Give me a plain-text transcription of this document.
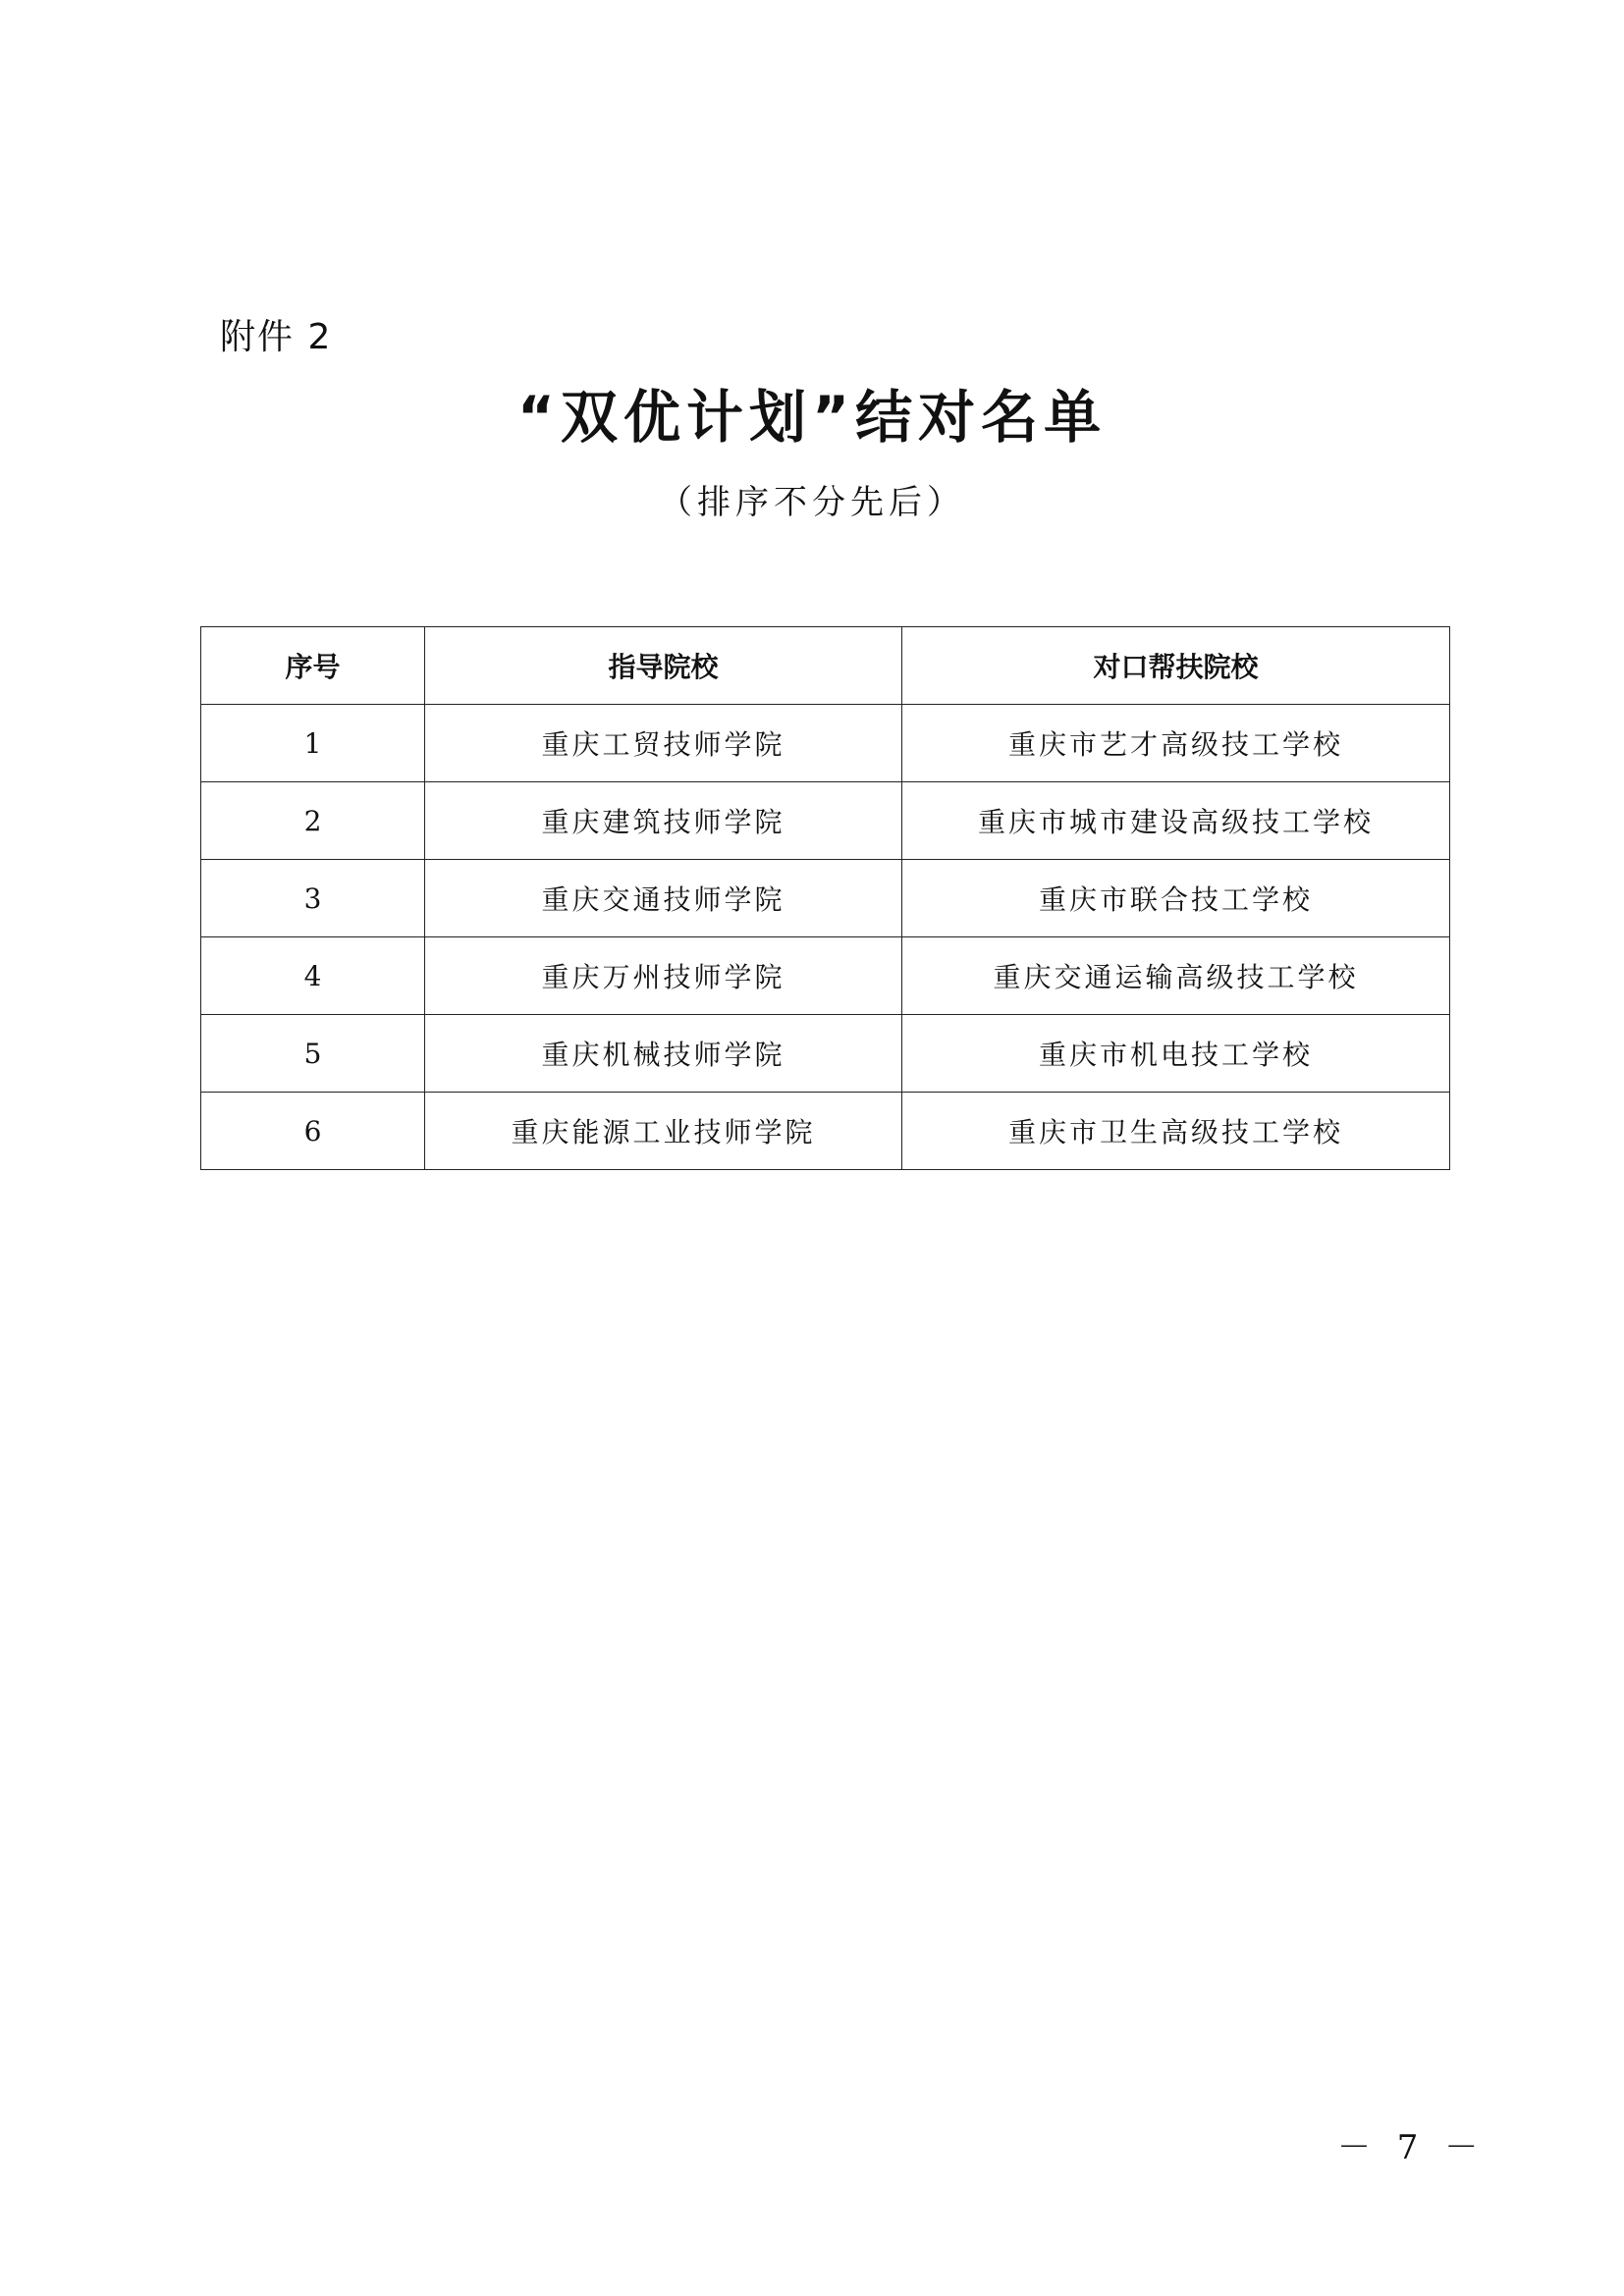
附件 2
“双优计划”结对名单
（排序不分先后）
序号	指导院校	对口帮扶院校
1	重庆工贸技师学院	重庆市艺才高级技工学校
2	重庆建筑技师学院	重庆市城市建设高级技工学校
3	重庆交通技师学院	重庆市联合技工学校
4	重庆万州技师学院	重庆交通运输高级技工学校
5	重庆机械技师学院	重庆市机电技工学校
6	重庆能源工业技师学院	重庆市卫生高级技工学校
－ 7 －
